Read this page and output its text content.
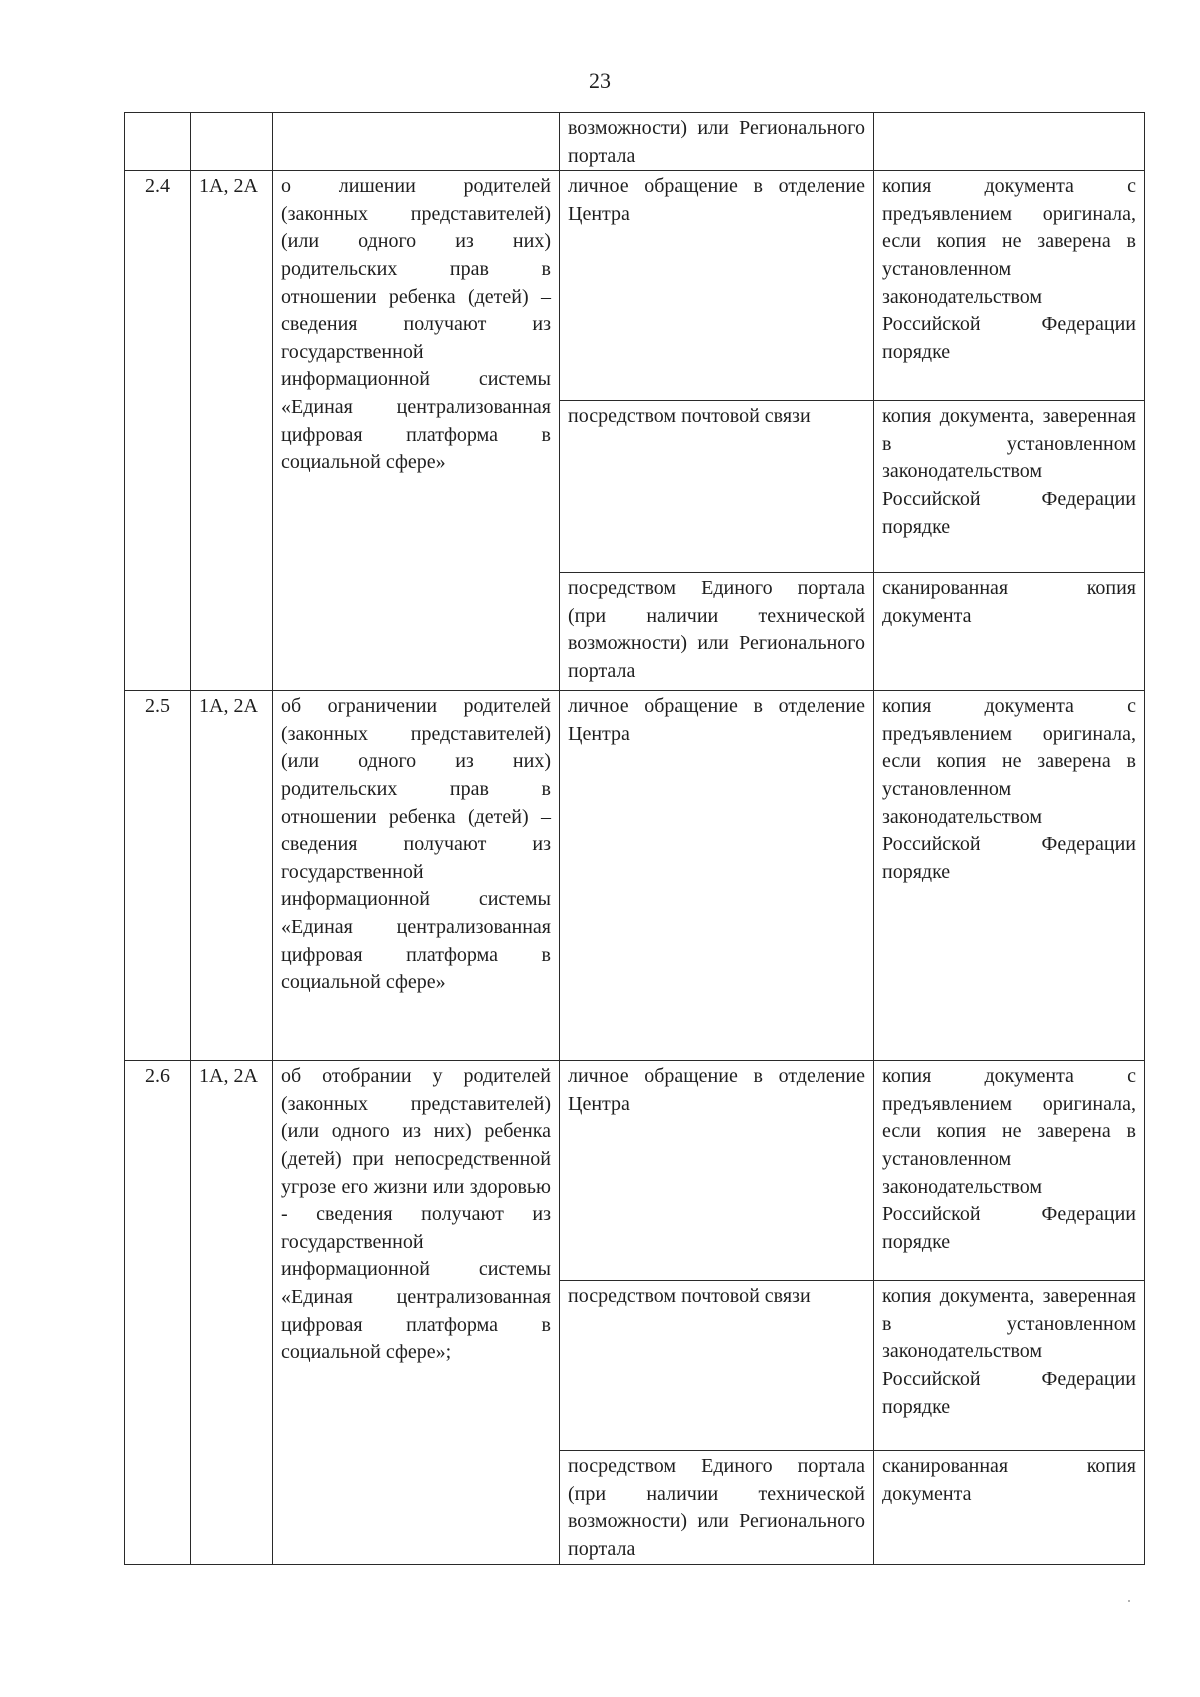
23
			возможности) или Регионального портала	
2.4	1А, 2А	о лишении родителей (законных представителей) (или одного из них) родительских прав в отношении ребенка (детей) – сведения получают из государственной информационной системы «Единая централизованная цифровая платформа в социальной сфере»	личное обращение в отделение Центра	копия документа с предъявлением оригинала, если копия не заверена в установленном законодательством Российской Федерации порядке
			посредством почтовой связи	копия документа, заверенная в установленном законодательством Российской Федерации порядке
			посредством Единого портала (при наличии технической возможности) или Регионального портала	сканированная копия документа
2.5	1А, 2А	об ограничении родителей (законных представителей) (или одного из них) родительских прав в отношении ребенка (детей) – сведения получают из государственной информационной системы «Единая централизованная цифровая платформа в социальной сфере»	личное обращение в отделение Центра	копия документа с предъявлением оригинала, если копия не заверена в установленном законодательством Российской Федерации порядке
2.6	1А, 2А	об отобрании у родителей (законных представителей) (или одного из них) ребенка (детей) при непосредственной угрозе его жизни или здоровью - сведения получают из государственной информационной системы «Единая централизованная цифровая платформа в социальной сфере»;	личное обращение в отделение Центра	копия документа с предъявлением оригинала, если копия не заверена в установленном законодательством Российской Федерации порядке
			посредством почтовой связи	копия документа, заверенная в установленном законодательством Российской Федерации порядке
			посредством Единого портала (при наличии технической возможности) или Регионального портала	сканированная копия документа
